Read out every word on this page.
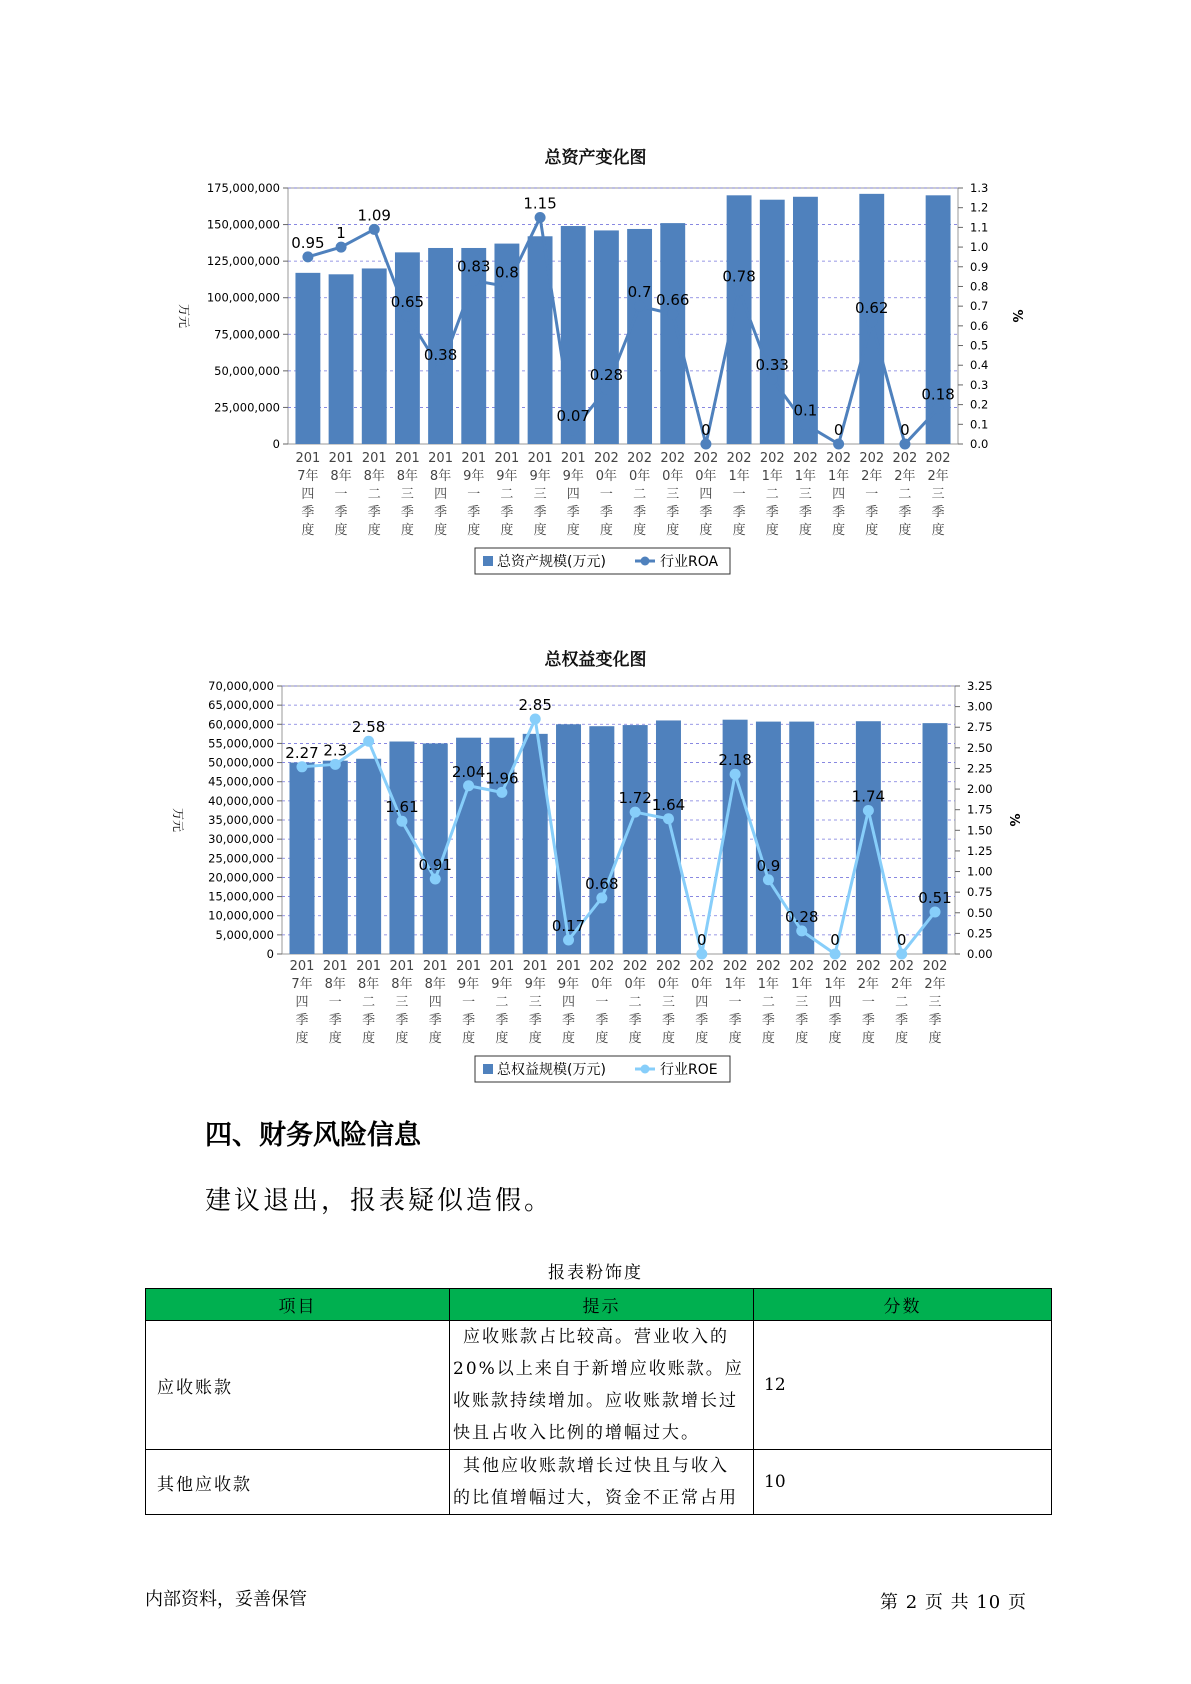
总资产变化图
0
25,000,000
50,000,000
75,000,000
100,000,000
125,000,000
150,000,000
175,000,000
0.0
0.1
0.2
0.3
0.4
0.5
0.6
0.7
0.8
0.9
1.0
1.1
1.2
1.3
万元	%
0.95
1
1.09
0.65
0.38
0.83 0.8
1.15
0.07
0.28
0.7 0.66
0
0.78
0.33
0.1
0
0.62
0
0.18
201
7年
四
季
度
201
8年
一
季
度
201
8年
二
季
度
201
8年
三
季
度
201
8年
四
季
度
201
9年
一
季
度
201
9年
二
季
度
201
9年
三
季
度
201
9年
四
季
度
202
0年
一
季
度
202
0年
二
季
度
202
0年
三
季
度
202
0年
四
季
度
202
1年
一
季
度
202
1年
二
季
度
202
1年
三
季
度
202
1年
四
季
度
202
2年
一
季
度
202
2年
二
季
度
202
2年
三
季
度
总资产规模(万元)	行业ROA
总权益变化图
0
5,000,000
10,000,000
15,000,000
20,000,000
25,000,000
30,000,000
35,000,000
40,000,000
45,000,000
50,000,000
55,000,000
60,000,000
65,000,000
70,000,000
0.00
0.25
0.50
0.75
1.00
1.25
1.50
1.75
2.00
2.25
2.50
2.75
3.00
3.25
万元	%
2.27 2.3
2.58
1.61
0.91
2.04 1.96
2.85
0.17
0.68
1.72 1.64
0
2.18
0.9
0.28
0
1.74
0
0.51
201
7年
四
季
度
201
8年
一
季
度
201
8年
二
季
度
201
8年
三
季
度
201
8年
四
季
度
201
9年
一
季
度
201
9年
二
季
度
201
9年
三
季
度
201
9年
四
季
度
202
0年
一
季
度
202
0年
二
季
度
202
0年
三
季
度
202
0年
四
季
度
202
1年
一
季
度
202
1年
二
季
度
202
1年
三
季
度
202
1年
四
季
度
202
2年
一
季
度
202
2年
二
季
度
202
2年
三
季
度
总权益规模(万元)	行业ROE
四、财务风险信息
建议退出，报表疑似造假。
报表粉饰度
项目	提示	分数
应收账款	应收账款占比较高。营业收入的
20%以上来自于新增应收账款。应
收账款持续增加。应收账款增长过
快且占收入比例的增幅过大。	12
其他应收款	其他应收账款增长过快且与收入
的比值增幅过大，资金不正常占用	10
内部资料，妥善保管	第 2 页 共 10 页
